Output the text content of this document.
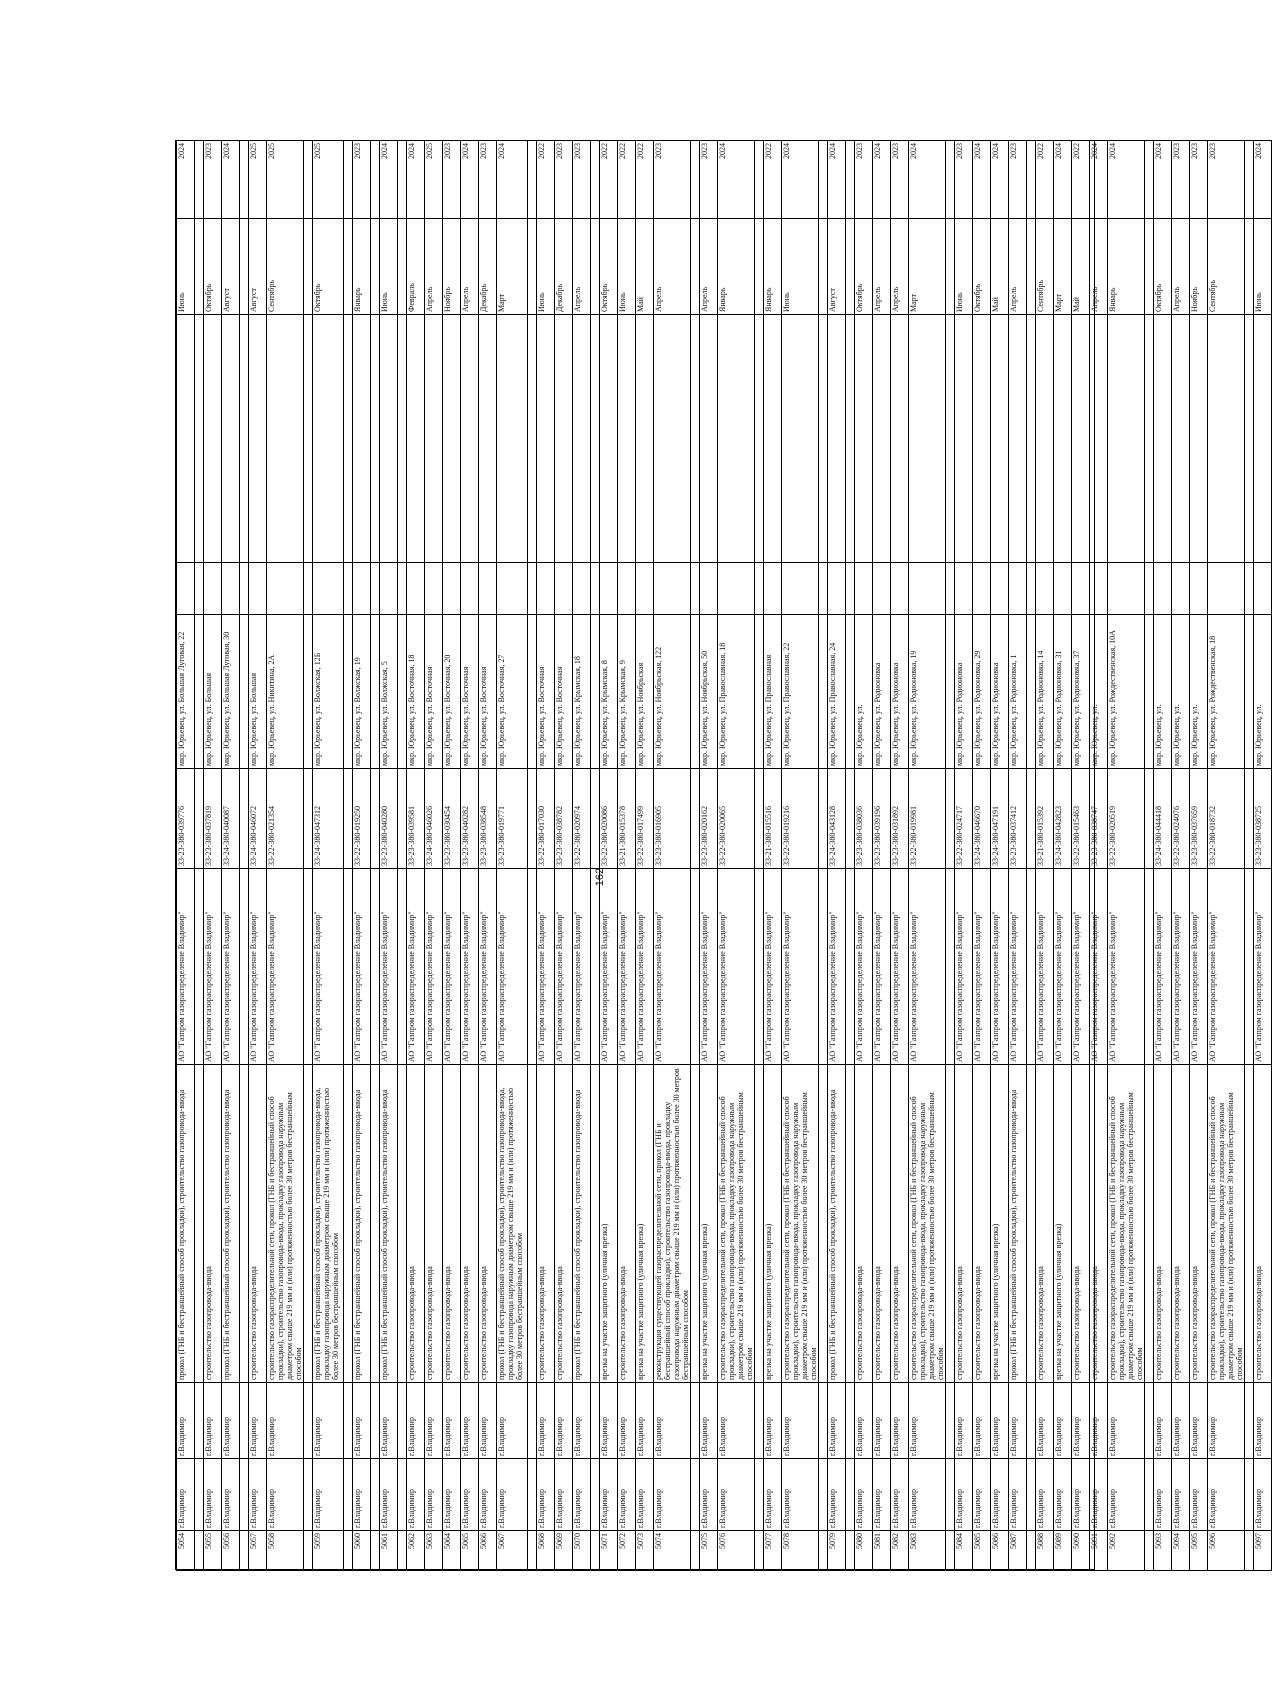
162
5054	г.Владимир	г.Владимир	прокол (ГНБ и бестраншейный способ прокладки), строительство газопровода-ввода	АО "Газпром газораспределение Владимир"	33-23-380-039776	мкр. Юрьевец, ул. Большая Луговая, 22			Июнь	2024

5055	г.Владимир	г.Владимир	строительство газопровода-ввода	АО "Газпром газораспределение Владимир"	33-23-380-037819	мкр. Юрьевец, ул. Большая			Октябрь	2023
5056	г.Владимир	г.Владимир	прокол (ГНБ и бестраншейный способ прокладки), строительство газопровода-ввода	АО "Газпром газораспределение Владимир"	33-24-380-040087	мкр. Юрьевец, ул. Большая Луговая, 30			Август	2024

5057	г.Владимир	г.Владимир	строительство газопровода-ввода	АО "Газпром газораспределение Владимир"	33-24-380-046072	мкр. Юрьевец, ул. Большая			Август	2025
5058	г.Владимир	г.Владимир	строительство газораспределительной сети, прокол (ГНБ и бестраншейный способ прокладки), строительство газопровода-ввода, прокладку газопровода наружным диаметром свыше 219 мм и (или) протяженностью более 30 метров бестраншейным способом	АО "Газпром газораспределение Владимир"	33-22-380-021354	мкр. Юрьевец, ул. Никитина, 2А			Сентябрь	2025

5059	г.Владимир	г.Владимир	прокол (ГНБ и бестраншейный способ прокладки), строительство газопровода-ввода, прокладку газопровода наружным диаметром свыше 219 мм и (или) протяженностью более 30 метров бестраншейным способом	АО "Газпром газораспределение Владимир"	33-24-380-047312	мкр. Юрьевец, ул. Волжская, 12Б			Октябрь	2025

5060	г.Владимир	г.Владимир	прокол (ГНБ и бестраншейный способ прокладки), строительство газопровода-ввода	АО "Газпром газораспределение Владимир"	33-22-380-019250	мкр. Юрьевец, ул. Волжская, 19			Январь	2023

5061	г.Владимир	г.Владимир	прокол (ГНБ и бестраншейный способ прокладки), строительство газопровода-ввода	АО "Газпром газораспределение Владимир"	33-23-380-040280	мкр. Юрьевец, ул. Волжская, 5			Июнь	2024

5062	г.Владимир	г.Владимир	строительство газопровода-ввода	АО "Газпром газораспределение Владимир"	33-23-380-039581	мкр. Юрьевец, ул. Восточная, 18			Февраль	2024
5063	г.Владимир	г.Владимир	строительство газопровода-ввода	АО "Газпром газораспределение Владимир"	33-24-380-046026	мкр. Юрьевец, ул. Восточная			Апрель	2025
5064	г.Владимир	г.Владимир	строительство газопровода-ввода	АО "Газпром газораспределение Владимир"	33-23-380-030454	мкр. Юрьевец, ул. Восточная, 20			Ноябрь	2023
5065	г.Владимир	г.Владимир	строительство газопровода-ввода	АО "Газпром газораспределение Владимир"	33-23-380-040282	мкр. Юрьевец, ул. Восточная			Апрель	2024
5066	г.Владимир	г.Владимир	строительство газопровода-ввода	АО "Газпром газораспределение Владимир"	33-23-380-038548	мкр. Юрьевец, ул. Восточная			Декабрь	2023
5067	г.Владимир	г.Владимир	прокол (ГНБ и бестраншейный способ прокладки), строительство газопровода-ввода, прокладку газопровода наружным диаметром свыше 219 мм и (или) протяженностью более 30 метров бестраншейным способом	АО "Газпром газораспределение Владимир"	33-23-380-019771	мкр. Юрьевец, ул. Восточная, 27			Март	2024

5068	г.Владимир	г.Владимир	строительство газопровода-ввода	АО "Газпром газораспределение Владимир"	33-22-380-017030	мкр. Юрьевец, ул. Восточная			Июнь	2022
5069	г.Владимир	г.Владимир	строительство газопровода-ввода	АО "Газпром газораспределение Владимир"	33-23-380-038782	мкр. Юрьевец, ул. Восточная			Декабрь	2023
5070	г.Владимир	г.Владимир	прокол (ГНБ и бестраншейный способ прокладки), строительство газопровода-ввода	АО "Газпром газораспределение Владимир"	33-22-380-020974	мкр. Юрьевец, ул. Крымская, 18			Апрель	2023

5071	г.Владимир	г.Владимир	врезка на участке защитного (уличная врезка)	АО "Газпром газораспределение Владимир"	33-22-380-020086	мкр. Юрьевец, ул. Крымская, 8			Октябрь	2022
5072	г.Владимир	г.Владимир	строительство газопровода-ввода	АО "Газпром газораспределение Владимир"	33-21-380-015378	мкр. Юрьевец, ул. Крымская, 9			Июнь	2022
5073	г.Владимир	г.Владимир	врезка на участке защитного (уличная врезка)	АО "Газпром газораспределение Владимир"	33-22-380-017499	мкр. Юрьевец, ул. Ноябрьская			Май	2022
5074	г.Владимир	г.Владимир	реконструкция существующей газораспределительной сети, прокол (ГНБ и бестраншейный способ прокладки), строительство газопровода-ввода, прокладку газопровода наружным диаметром свыше 219 мм и (или) протяженностью более 30 метров бестраншейным способом	АО "Газпром газораспределение Владимир"	33-23-380-016905	мкр. Юрьевец, ул. Ноябрьская, 122			Апрель	2023

5075	г.Владимир	г.Владимир	врезка на участке защитного (уличная врезка)	АО "Газпром газораспределение Владимир"	33-23-380-020162	мкр. Юрьевец, ул. Ноябрьская, 50			Апрель	2023
5076	г.Владимир	г.Владимир	строительство газораспределительной сети, прокол (ГНБ и бестраншейный способ прокладки), строительство газопровода-ввода, прокладку газопровода наружным диаметром свыше 219 мм и (или) протяженностью более 30 метров бестраншейным способом	АО "Газпром газораспределение Владимир"	33-22-380-020065	мкр. Юрьевец, ул. Православная, 18			Январь	2024

5077	г.Владимир	г.Владимир	врезка на участке защитного (уличная врезка)	АО "Газпром газораспределение Владимир"	33-21-380-015516	мкр. Юрьевец, ул. Православная			Январь	2022
5078	г.Владимир	г.Владимир	строительство газораспределительной сети, прокол (ГНБ и бестраншейный способ прокладки), строительство газопровода-ввода, прокладку газопровода наружным диаметром свыше 219 мм и (или) протяженностью более 30 метров бестраншейным способом	АО "Газпром газораспределение Владимир"	33-22-380-019216	мкр. Юрьевец, ул. Православная, 22			Июнь	2024

5079	г.Владимир	г.Владимир	прокол (ГНБ и бестраншейный способ прокладки), строительство газопровода-ввода	АО "Газпром газораспределение Владимир"	33-24-380-043128	мкр. Юрьевец, ул. Православная, 24			Август	2024

5080	г.Владимир	г.Владимир	строительство газопровода-ввода	АО "Газпром газораспределение Владимир"	33-23-380-038036	мкр. Юрьевец, ул.			Октябрь	2023
5081	г.Владимир	г.Владимир	строительство газопровода-ввода	АО "Газпром газораспределение Владимир"	33-23-380-039196	мкр. Юрьевец, ул. Родионовка			Апрель	2024
5082	г.Владимир	г.Владимир	строительство газопровода-ввода	АО "Газпром газораспределение Владимир"	33-23-380-031892	мкр. Юрьевец, ул. Родионовка			Апрель	2023
5083	г.Владимир	г.Владимир	строительство газораспределительной сети, прокол (ГНБ и бестраншейный способ прокладки), строительство газопровода-ввода, прокладку газопровода наружным диаметром свыше 219 мм и (или) протяженностью более 30 метров бестраншейным способом	АО "Газпром газораспределение Владимир"	33-22-380-019981	мкр. Юрьевец, ул. Родионовка, 19			Март	2024

5084	г.Владимир	г.Владимир	строительство газопровода-ввода	АО "Газпром газораспределение Владимир"	33-22-380-024717	мкр. Юрьевец, ул. Родионовка			Июнь	2023
5085	г.Владимир	г.Владимир	строительство газопровода-ввода	АО "Газпром газораспределение Владимир"	33-24-380-046670	мкр. Юрьевец, ул. Родионовка, 29			Октябрь	2024
5086	г.Владимир	г.Владимир	врезка на участке защитного (уличная врезка)	АО "Газпром газораспределение Владимир"	33-24-380-047191	мкр. Юрьевец, ул. Родионовка			Май	2024
5087	г.Владимир	г.Владимир	прокол (ГНБ и бестраншейный способ прокладки), строительство газопровода-ввода	АО "Газпром газораспределение Владимир"	33-23-380-037412	мкр. Юрьевец, ул. Родионовка, 1			Апрель	2023

5088	г.Владимир	г.Владимир	строительство газопровода-ввода	АО "Газпром газораспределение Владимир"	33-21-380-015392	мкр. Юрьевец, ул. Родионовка, 14			Сентябрь	2022
5089	г.Владимир	г.Владимир	врезка на участке защитного (уличная врезка)	АО "Газпром газораспределение Владимир"	33-24-380-042823	мкр. Юрьевец, ул. Родионовка, 31			Март	2024
5090	г.Владимир	г.Владимир	строительство газопровода-ввода	АО "Газпром газораспределение Владимир"	33-22-380-015463	мкр. Юрьевец, ул. Родионовка, 37			Май	2022
5091	г.Владимир	г.Владимир	строительство газопровода-ввода	АО "Газпром газораспределение Владимир"	33-23-380-038747	мкр. Юрьевец, ул.			Апрель	2024
5092	г.Владимир	г.Владимир	строительство газораспределительной сети, прокол (ГНБ и бестраншейный способ прокладки), строительство газопровода-ввода, прокладку газопровода наружным диаметром свыше 219 мм и (или) протяженностью более 30 метров бестраншейным способом	АО "Газпром газораспределение Владимир"	33-22-380-020519	мкр. Юрьевец, ул. Рождественская, 10А			Январь	2024

5093	г.Владимир	г.Владимир	строительство газопровода-ввода	АО "Газпром газораспределение Владимир"	33-24-380-044418	мкр. Юрьевец, ул.			Октябрь	2024
5094	г.Владимир	г.Владимир	строительство газопровода-ввода	АО "Газпром газораспределение Владимир"	33-22-380-024076	мкр. Юрьевец, ул.			Апрель	2023
5095	г.Владимир	г.Владимир	строительство газопровода-ввода	АО "Газпром газораспределение Владимир"	33-23-380-037659	мкр. Юрьевец, ул.			Ноябрь	2023
5096	г.Владимир	г.Владимир	строительство газораспределительной сети, прокол (ГНБ и бестраншейный способ прокладки), строительство газопровода-ввода, прокладку газопровода наружным диаметром свыше 219 мм и (или) протяженностью более 30 метров бестраншейным способом	АО "Газпром газораспределение Владимир"	33-22-380-018732	мкр. Юрьевец, ул. Рождественская, 18			Сентябрь	2023

5097	г.Владимир	г.Владимир	строительство газопровода-ввода	АО "Газпром газораспределение Владимир"	33-23-380-038725	мкр. Юрьевец, ул.			Июнь	2024
